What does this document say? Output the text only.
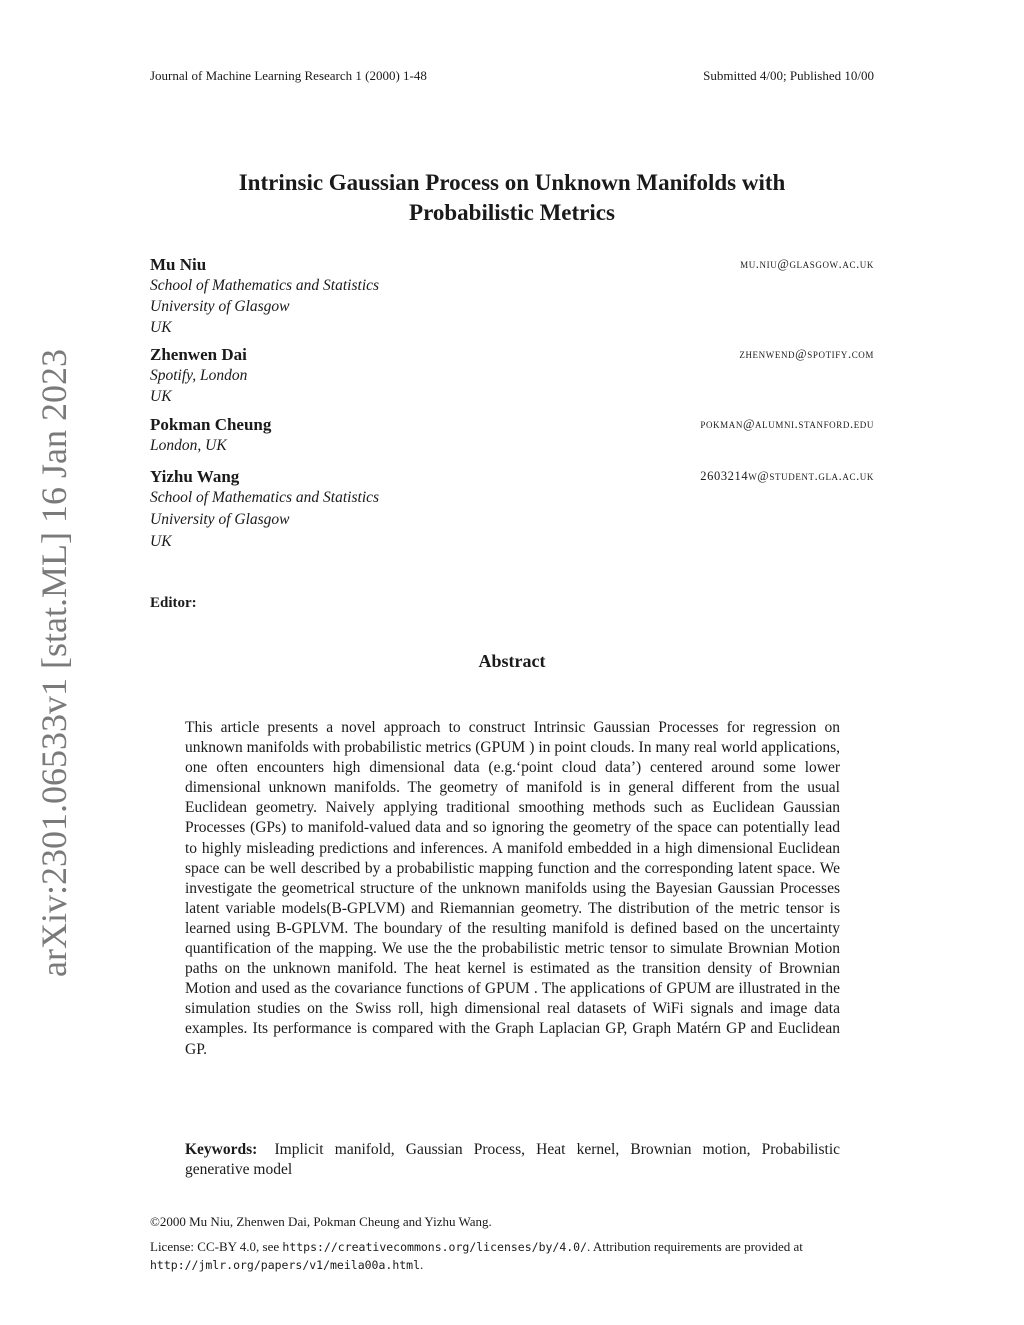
Journal of Machine Learning Research 1 (2000) 1-48	Submitted 4/00; Published 10/00
arXiv:2301.06533v1 [stat.ML] 16 Jan 2023
Intrinsic Gaussian Process on Unknown Manifolds with
Probabilistic Metrics
Mu Niu	mu.niu@glasgow.ac.uk
School of Mathematics and Statistics
University of Glasgow
UK
Zhenwen Dai	zhenwend@spotify.com
Spotify, London
UK
Pokman Cheung	pokman@alumni.stanford.edu
London, UK
Yizhu Wang	2603214w@student.gla.ac.uk
School of Mathematics and Statistics
University of Glasgow
UK
Editor:
Abstract
This article presents a novel approach to construct Intrinsic Gaussian Processes for regression on unknown manifolds with probabilistic metrics (GPUM ) in point clouds. In many real world applications, one often encounters high dimensional data (e.g.‘point cloud data’) centered around some lower dimensional unknown manifolds. The geometry of manifold is in general different from the usual Euclidean geometry. Naively applying traditional smoothing methods such as Euclidean Gaussian Processes (GPs) to manifold-valued data and so ignoring the geometry of the space can potentially lead to highly misleading predictions and inferences. A manifold embedded in a high dimensional Euclidean space can be well described by a probabilistic mapping function and the corresponding latent space. We investigate the geometrical structure of the unknown manifolds using the Bayesian Gaussian Processes latent variable models(B-GPLVM) and Riemannian geometry. The distribution of the metric tensor is learned using B-GPLVM. The boundary of the resulting manifold is defined based on the uncertainty quantification of the mapping. We use the the probabilistic metric tensor to simulate Brownian Motion paths on the unknown manifold. The heat kernel is estimated as the transition density of Brownian Motion and used as the covariance functions of GPUM . The applications of GPUM are illustrated in the simulation studies on the Swiss roll, high dimensional real datasets of WiFi signals and image data examples. Its performance is compared with the Graph Laplacian GP, Graph Matérn GP and Euclidean GP.
Keywords: Implicit manifold, Gaussian Process, Heat kernel, Brownian motion, Probabilistic generative model
©2000 Mu Niu, Zhenwen Dai, Pokman Cheung and Yizhu Wang.
License: CC-BY 4.0, see https://creativecommons.org/licenses/by/4.0/. Attribution requirements are provided at http://jmlr.org/papers/v1/meila00a.html.
